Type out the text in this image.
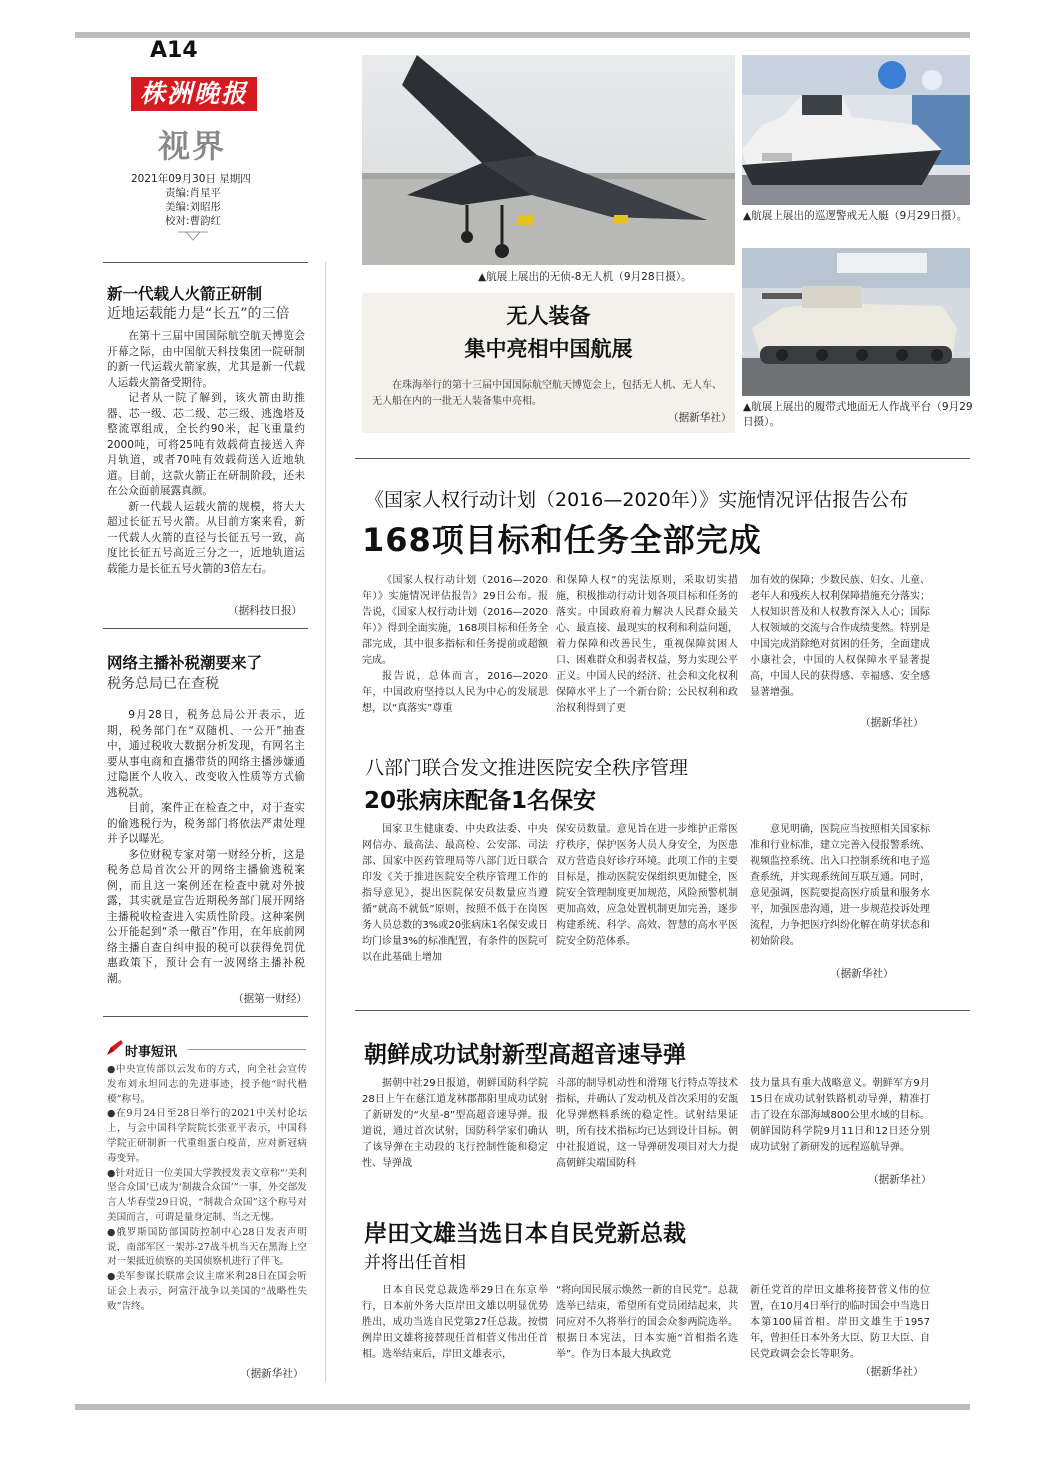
A14
株洲晚报
视界
2021年09月30日 星期四
责编:肖星平
美编:刘昭彤
校对:曹韵红
新一代载人火箭正研制
近地运载能力是“长五”的三倍

在第十三届中国国际航空航天博览会开幕之际，由中国航天科技集团一院研制的新一代运载火箭家族，尤其是新一代载人运载火箭备受期待。

记者从一院了解到，该火箭由助推器、芯一级、芯二级、芯三级、逃逸塔及整流罩组成，全长约90米，起飞重量约2000吨，可将25吨有效载荷直接送入奔月轨道，或者70吨有效载荷送入近地轨道。目前，这款火箭正在研制阶段，还未在公众面前展露真颜。

新一代载人运载火箭的规模，将大大超过长征五号火箭。从目前方案来看，新一代载人火箭的直径与长征五号一致，高度比长征五号高近三分之一，近地轨道运载能力是长征五号火箭的3倍左右。

（据科技日报）
网络主播补税潮要来了
税务总局已在查税

9月28日，税务总局公开表示，近期，税务部门在“双随机、一公开”抽查中，通过税收大数据分析发现，有网名主要从事电商和直播带货的网络主播涉嫌通过隐匿个人收入、改变收入性质等方式偷逃税款。

目前，案件正在检查之中，对于查实的偷逃税行为，税务部门将依法严肃处理并予以曝光。

多位财税专家对第一财经分析，这是税务总局首次公开的网络主播偷逃税案例，而且这一案例还在检查中就对外披露，其实就是宣告近期税务部门展开网络主播税收检查进入实质性阶段。这种案例公开能起到“杀一儆百”作用，在年底前网络主播自查自纠申报的税可以获得免罚优惠政策下，预计会有一波网络主播补税潮。

（据第一财经）
时事短讯
●中央宣传部以云发布的方式，向全社会宣传发布刘永坦同志的先进事迹，授予他“时代楷模”称号。
●在9月24日至28日举行的2021中关村论坛上，与会中国科学院院长张亚平表示，中国科学院正研制新一代重组蛋白疫苗，应对新冠病毒变异。
●针对近日一位美国大学教授发表文章称“‘美利坚合众国’已成为‘制裁合众国’”一事，外交部发言人华春莹29日说，“制裁合众国”这个称号对美国而言，可谓是量身定制、当之无愧。
●俄罗斯国防部国防控制中心28日发表声明说，南部军区一架苏-27战斗机当天在黑海上空对一架抵近侦察的美国侦察机进行了伴飞。
●美军参谋长联席会议主席米利28日在国会听证会上表示，阿富汗战争以美国的“战略性失败”告终。
（据新华社）
▲航展上展出的无侦-8无人机（9月28日摄）。
▲航展上展出的巡逻警戒无人艇（9月29日摄）。
▲航展上展出的履带式地面无人作战平台（9月29日摄）。
无人装备
集中亮相中国航展
在珠海举行的第十三届中国国际航空航天博览会上，包括无人机、无人车、无人船在内的一批无人装备集中亮相。
（据新华社）
《国家人权行动计划（2016—2020年）》实施情况评估报告公布
168项目标和任务全部完成

《国家人权行动计划（2016—2020年）》实施情况评估报告》29日公布。报告说，《国家人权行动计划（2016—2020年）》得到全面实施，168项目标和任务全部完成，其中很多指标和任务提前或超额完成。

报告说，总体而言，2016—2020年，中国政府坚持以人民为中心的发展思想，以“真落实”尊重

和保障人权”的宪法原则，采取切实措施，积极推动行动计划各项目标和任务的落实。中国政府着力解决人民群众最关心、最直接、最现实的权利和利益问题，着力保障和改善民生，重视保障贫困人口、困难群众和弱者权益，努力实现公平正义。中国人民的经济、社会和文化权利保障水平上了一个新台阶；公民权利和政治权利得到了更
加有效的保障；少数民族、妇女、儿童、老年人和残疾人权利保障措施充分落实；人权知识普及和人权教育深入人心；国际人权领域的交流与合作成绩斐然。特别是中国完成消除绝对贫困的任务，全面建成小康社会，中国的人权保障水平显著提高，中国人民的获得感、幸福感、安全感显著增强。
（据新华社）
八部门联合发文推进医院安全秩序管理
20张病床配备1名保安
国家卫生健康委、中央政法委、中央网信办、最高法、最高检、公安部、司法部、国家中医药管理局等八部门近日联合印发《关于推进医院安全秩序管理工作的指导意见》，提出医院保安员数量应当遵循“就高不就低”原则，按照不低于在岗医务人员总数的3%或20张病床1名保安或日均门诊量3%的标准配置，有条件的医院可以在此基础上增加
保安员数量。意见旨在进一步维护正常医疗秩序，保护医务人员人身安全，为医患双方营造良好诊疗环境。此项工作的主要目标是，推动医院安保组织更加健全，医院安全管理制度更加规范，风险预警机制更加高效，应急处置机制更加完善，逐步构建系统、科学、高效、智慧的高水平医院安全防范体系。
意见明确，医院应当按照相关国家标准和行业标准，建立完善入侵报警系统、视频监控系统、出入口控制系统和电子巡查系统，并实现系统间互联互通。同时，意见强调，医院要提高医疗质量和服务水平，加强医患沟通，进一步规范投诉处理流程，力争把医疗纠纷化解在萌芽状态和初始阶段。
（据新华社）
朝鲜成功试射新型高超音速导弹
据朝中社29日报道，朝鲜国防科学院28日上午在慈江道龙林郡都阳里成功试射了新研发的“火星-8”型高超音速导弹。报道说，通过首次试射，国防科学家们确认了该导弹在主动段的飞行控制性能和稳定性、导弹战
斗部的制导机动性和滑翔飞行特点等技术指标，并确认了发动机及首次采用的安瓿化导弹燃料系统的稳定性。试射结果证明，所有技术指标均已达到设计目标。朝中社报道说，这一导弹研发项目对大力提高朝鲜尖端国防科
技力量具有重大战略意义。朝鲜军方9月15日在成功试射铁路机动导弹，精准打击了设在东部海域800公里水域的目标。朝鲜国防科学院9月11日和12日还分别成功试射了新研发的远程巡航导弹。
（据新华社）
岸田文雄当选日本自民党新总裁
并将出任首相
日本自民党总裁选举29日在东京举行，日本前外务大臣岸田文雄以明显优势胜出，成功当选自民党第27任总裁。按惯例岸田文雄将接替现任首相菅义伟出任首相。选举结束后，岸田文雄表示，
“将向国民展示焕然一新的自民党”。总裁选举已结束，希望所有党员团结起来，共同应对不久将举行的国会众参两院选举。根据日本宪法，日本实施“首相指名选举”。作为日本最大执政党
新任党首的岸田文雄将接替菅义伟的位置，在10月4日举行的临时国会中当选日本第100届首相。岸田文雄生于1957年，曾担任日本外务大臣、防卫大臣、自民党政调会会长等职务。
（据新华社）
